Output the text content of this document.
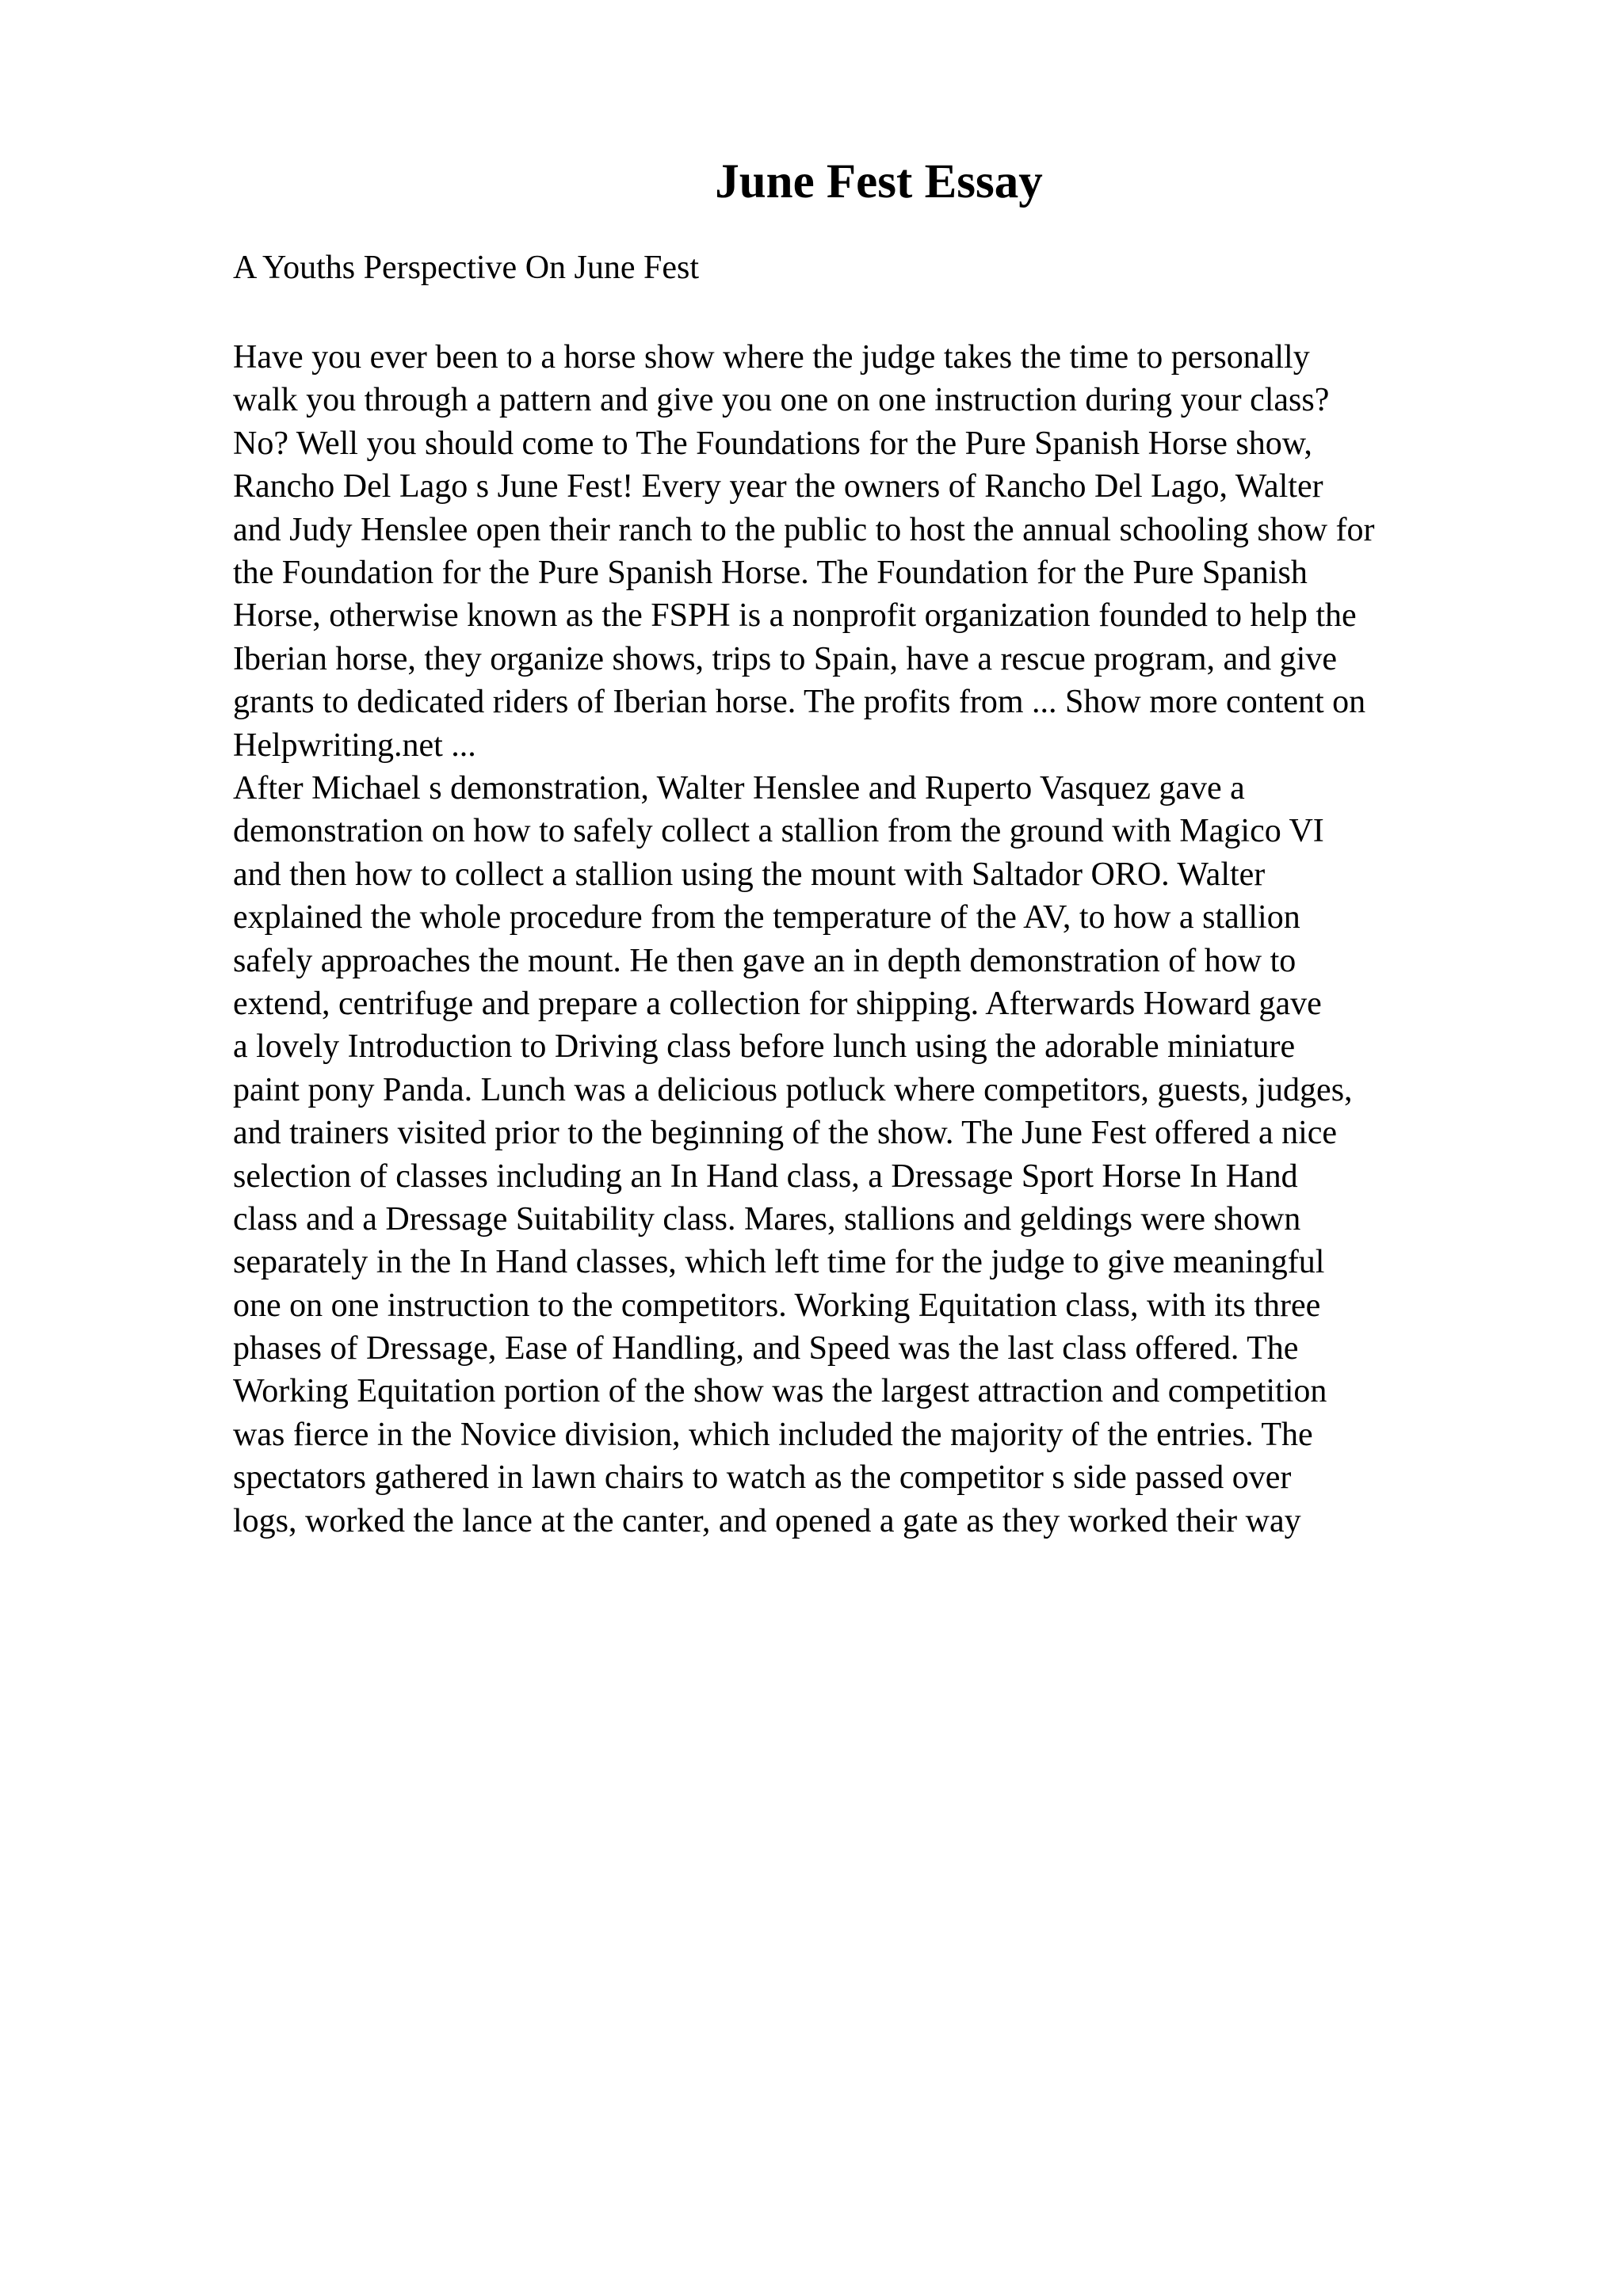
June Fest Essay

A Youths Perspective On June Fest

Have you ever been to a horse show where the judge takes the time to personally
walk you through a pattern and give you one on one instruction during your class?
No? Well you should come to The Foundations for the Pure Spanish Horse show,
Rancho Del Lago s June Fest! Every year the owners of Rancho Del Lago, Walter
and Judy Henslee open their ranch to the public to host the annual schooling show for
the Foundation for the Pure Spanish Horse. The Foundation for the Pure Spanish
Horse, otherwise known as the FSPH is a nonprofit organization founded to help the
Iberian horse, they organize shows, trips to Spain, have a rescue program, and give
grants to dedicated riders of Iberian horse. The profits from ... Show more content on
Helpwriting.net ...
After Michael s demonstration, Walter Henslee and Ruperto Vasquez gave a
demonstration on how to safely collect a stallion from the ground with Magico VI
and then how to collect a stallion using the mount with Saltador ORO. Walter
explained the whole procedure from the temperature of the AV, to how a stallion
safely approaches the mount. He then gave an in depth demonstration of how to
extend, centrifuge and prepare a collection for shipping. Afterwards Howard gave
a lovely Introduction to Driving class before lunch using the adorable miniature
paint pony Panda. Lunch was a delicious potluck where competitors, guests, judges,
and trainers visited prior to the beginning of the show. The June Fest offered a nice
selection of classes including an In Hand class, a Dressage Sport Horse In Hand
class and a Dressage Suitability class. Mares, stallions and geldings were shown
separately in the In Hand classes, which left time for the judge to give meaningful
one on one instruction to the competitors. Working Equitation class, with its three
phases of Dressage, Ease of Handling, and Speed was the last class offered. The
Working Equitation portion of the show was the largest attraction and competition
was fierce in the Novice division, which included the majority of the entries. The
spectators gathered in lawn chairs to watch as the competitor s side passed over
logs, worked the lance at the canter, and opened a gate as they worked their way
